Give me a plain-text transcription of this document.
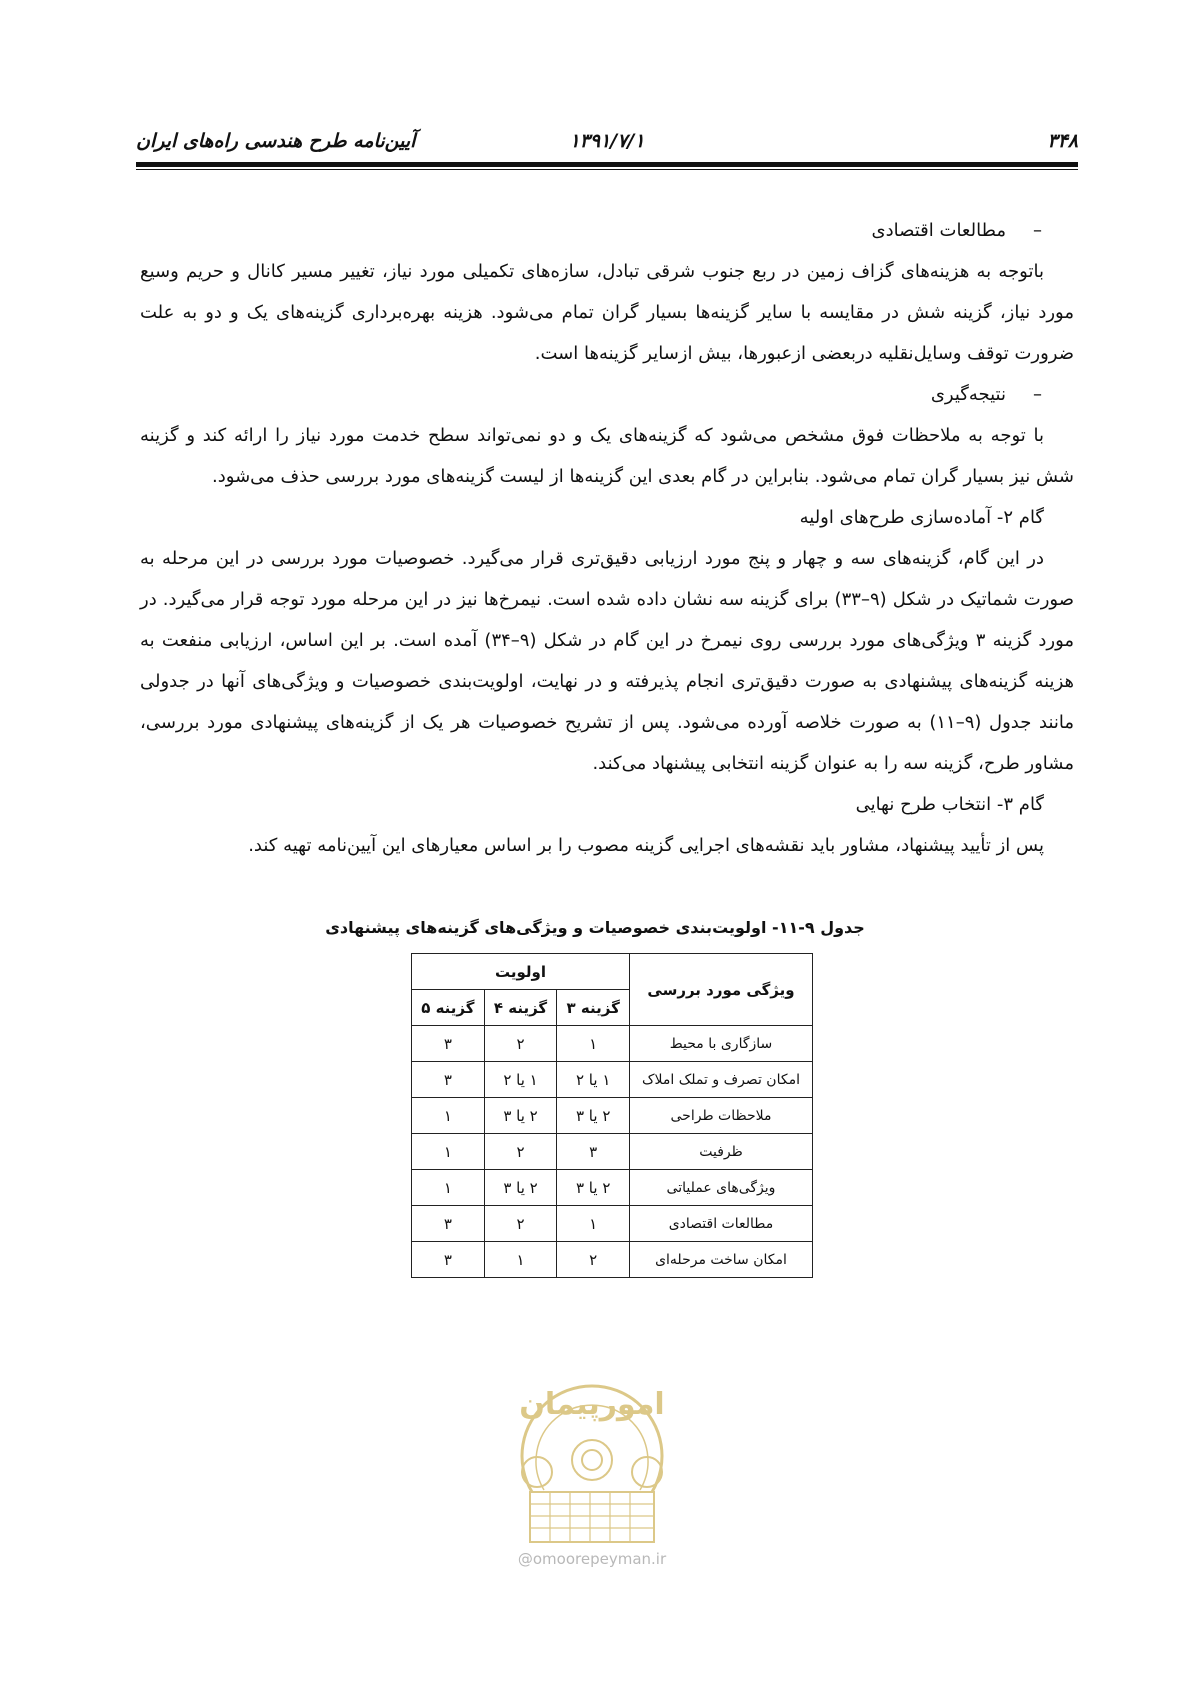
۳۴۸
۱۳۹۱/۷/۱
آیین‌نامه طرح هندسی راه‌های ایران

–مطالعات اقتصادی

باتوجه به هزینه‌های گزاف زمین در ربع جنوب شرقی تبادل، سازه‌های تکمیلی مورد نیاز، تغییر مسیر کانال و حریم وسیع مورد نیاز، گزینه شش در مقایسه با سایر گزینه‌ها بسیار گران تمام می‌شود. هزینه بهره‌برداری گزینه‌های یک و دو به علت ضرورت توقف وسایل‌نقلیه دربعضی ازعبورها، بیش ازسایر گزینه‌ها است.

–نتیجه‌گیری

با توجه به ملاحظات فوق مشخص می‌شود که گزینه‌های یک و دو نمی‌تواند سطح خدمت مورد نیاز را ارائه کند و گزینه شش نیز بسیار گران تمام می‌شود. بنابراین در گام بعدی این گزینه‌ها از لیست گزینه‌های مورد بررسی حذف می‌شود.

گام ۲- آماده‌سازی طرح‌های اولیه

در این گام، گزینه‌های سه و چهار و پنج مورد ارزیابی دقیق‌تری قرار می‌گیرد. خصوصیات مورد بررسی در این مرحله به صورت شماتیک در شکل (۹–۳۳) برای گزینه سه نشان داده شده است. نیمرخ‌ها نیز در این مرحله مورد توجه قرار می‌گیرد. در مورد گزینه ۳ ویژگی‌های مورد بررسی روی نیمرخ در این گام در شکل (۹–۳۴) آمده است. بر این اساس، ارزیابی منفعت به هزینه گزینه‌های پیشنهادی به صورت دقیق‌تری انجام پذیرفته و در نهایت، اولویت‌بندی خصوصیات و ویژگی‌های آنها در جدولی مانند جدول (۹–۱۱) به صورت خلاصه آورده می‌شود. پس از تشریح خصوصیات هر یک از گزینه‌های پیشنهادی مورد بررسی، مشاور طرح، گزینه سه را به عنوان گزینه انتخابی پیشنهاد می‌کند.

گام ۳- انتخاب طرح نهایی

پس از تأیید پیشنهاد، مشاور باید نقشه‌های اجرایی گزینه مصوب را بر اساس معیارهای این آیین‌نامه تهیه کند.

جدول ۹-۱۱- اولویت‌بندی خصوصیات و ویژگی‌های گزینه‌های پیشنهادی
ویژگی مورد بررسی	اولویت		
	گزینه ۳	گزینه ۴	گزینه ۵
سازگاری با محیط	۱	۲	۳
امکان تصرف و تملک املاک	۱ یا ۲	۱ یا ۲	۳
ملاحظات طراحی	۲ یا ۳	۲ یا ۳	۱
ظرفیت	۳	۲	۱
ویژگی‌های عملیاتی	۲ یا ۳	۲ یا ۳	۱
مطالعات اقتصادی	۱	۲	۳
امکان ساخت مرحله‌ای	۲	۱	۳
امورپیمان
@omoorepeyman.ir
